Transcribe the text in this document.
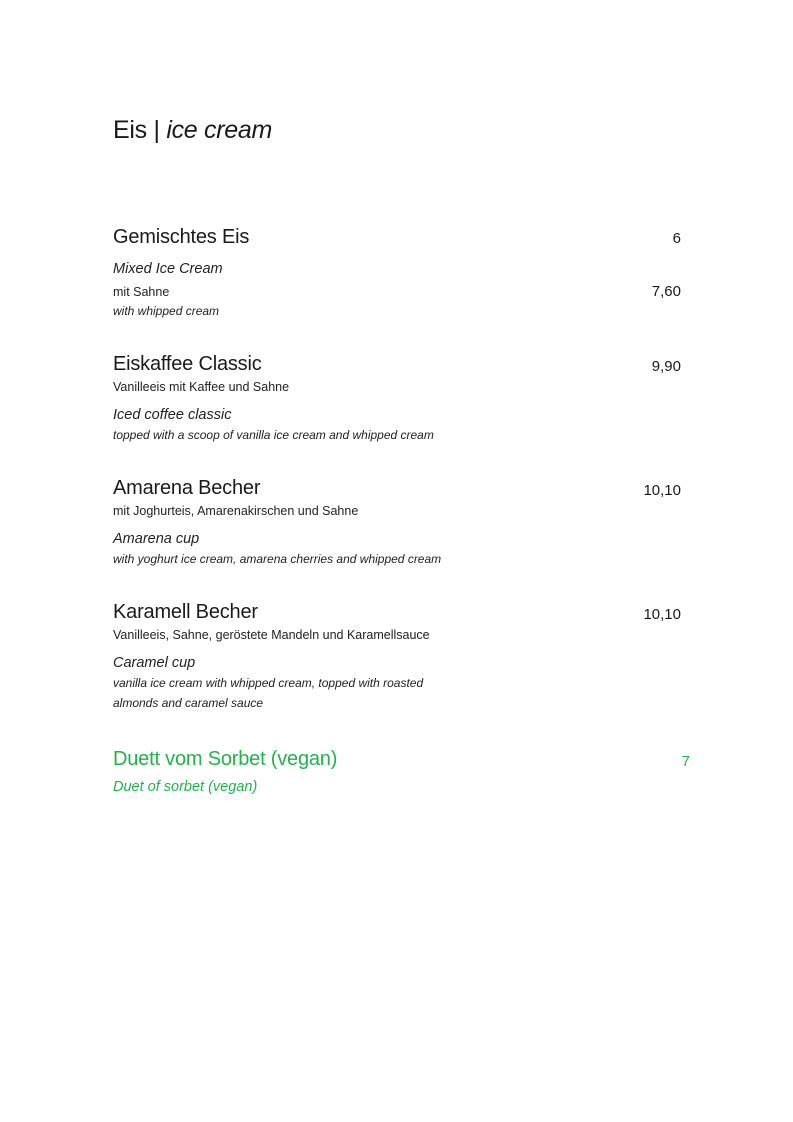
Eis | ice cream
Gemischtes Eis	6
Mixed Ice Cream
mit Sahne	7,60
with whipped cream
Eiskaffee Classic	9,90
Vanilleeis mit Kaffee und Sahne
Iced coffee classic
topped with a scoop of vanilla ice cream and whipped cream
Amarena Becher	10,10
mit Joghurteis, Amarenakirschen und Sahne
Amarena cup
with yoghurt ice cream, amarena cherries and whipped cream
Karamell Becher	10,10
Vanilleeis, Sahne, geröstete Mandeln und Karamellsauce
Caramel cup
vanilla ice cream with whipped cream, topped with roasted
almonds and caramel sauce
Duett vom Sorbet (vegan)	7
Duet of sorbet (vegan)
